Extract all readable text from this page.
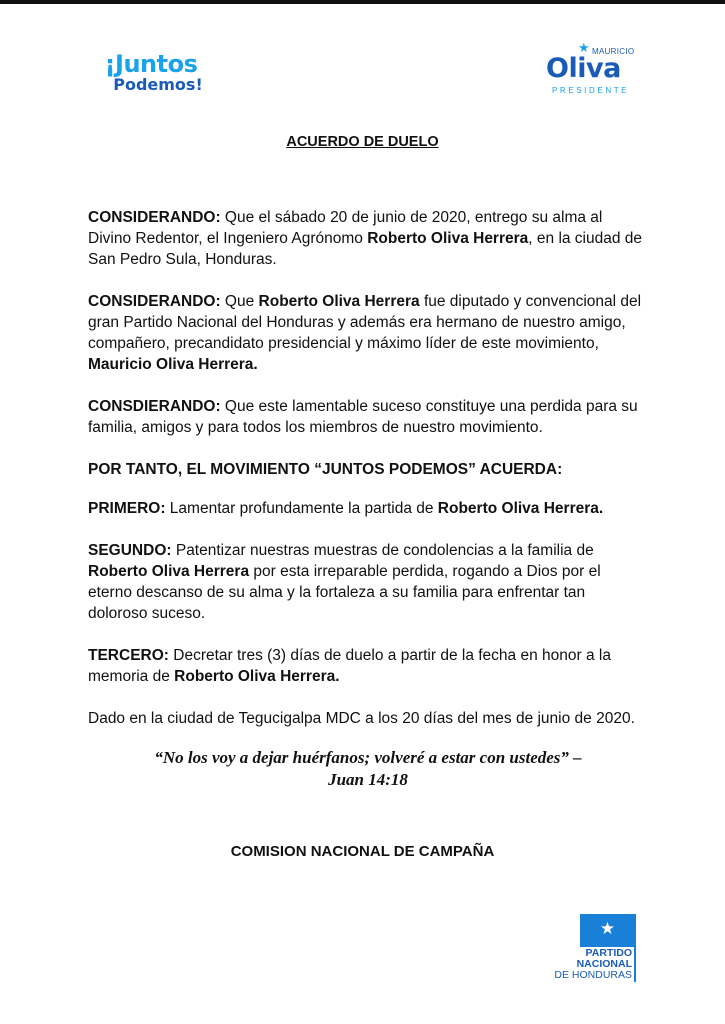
¡Juntos
Podemos!
★ MAURICIO
Oliva
PRESIDENTE
ACUERDO DE DUELO

CONSIDERANDO: Que el sábado 20 de junio de 2020, entrego su alma al Divino Redentor, el Ingeniero Agrónomo Roberto Oliva Herrera, en la ciudad de San Pedro Sula, Honduras.

CONSIDERANDO: Que Roberto Oliva Herrera fue diputado y convencional del gran Partido Nacional del Honduras y además era hermano de nuestro amigo, compañero, precandidato presidencial y máximo líder de este movimiento, Mauricio Oliva Herrera.

CONSDIERANDO: Que este lamentable suceso constituye una perdida para su familia, amigos y para todos los miembros de nuestro movimiento.

POR TANTO, EL MOVIMIENTO “JUNTOS PODEMOS” ACUERDA:

PRIMERO: Lamentar profundamente la partida de Roberto Oliva Herrera.

SEGUNDO: Patentizar nuestras muestras de condolencias a la familia de Roberto Oliva Herrera por esta irreparable perdida, rogando a Dios por el eterno descanso de su alma y la fortaleza a su familia para enfrentar tan doloroso suceso.

TERCERO: Decretar tres (3) días de duelo a partir de la fecha en honor a la memoria de Roberto Oliva Herrera.

Dado en la ciudad de Tegucigalpa MDC a los 20 días del mes de junio de 2020.

“No los voy a dejar huérfanos; volveré a estar con ustedes” –
Juan 14:18
COMISION NACIONAL DE CAMPAÑA
★
PARTIDO
NACIONAL
DE HONDURAS
